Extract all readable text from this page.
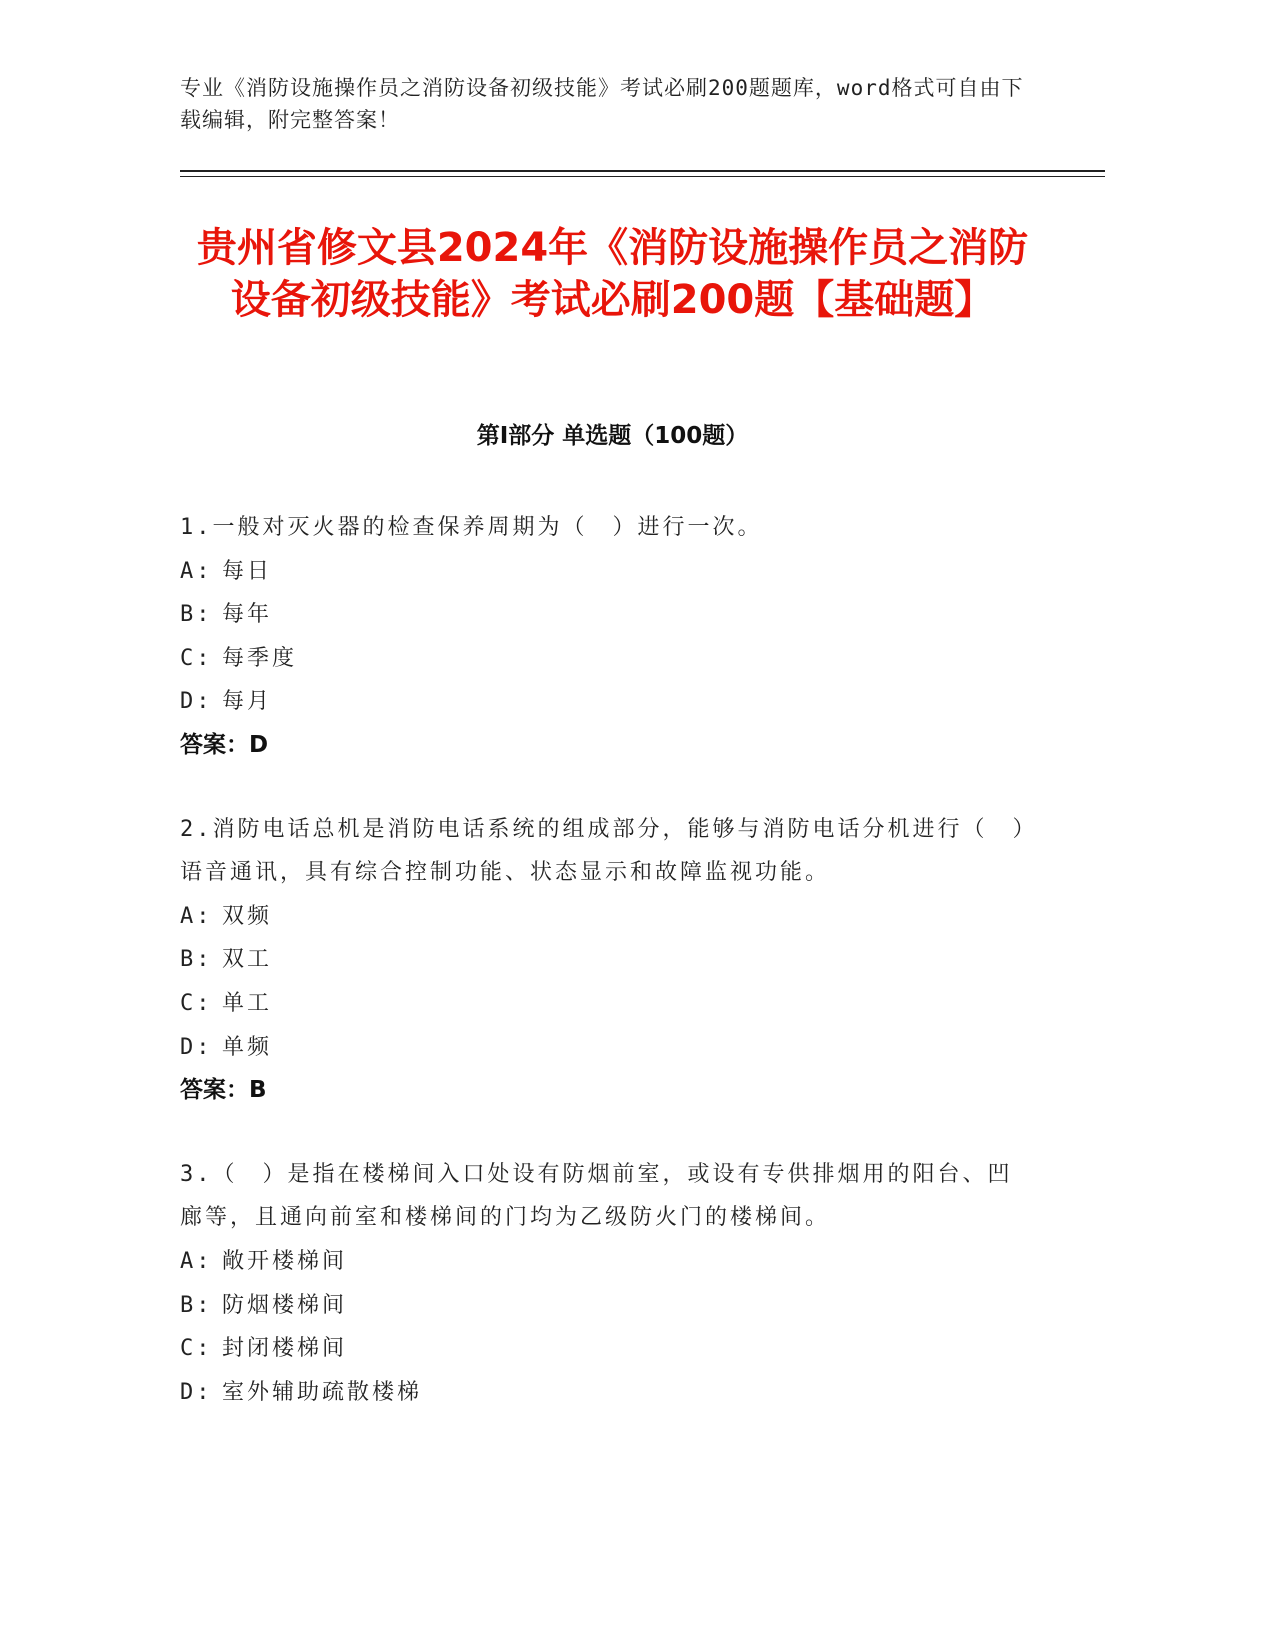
专业《消防设施操作员之消防设备初级技能》考试必刷200题题库，word格式可自由下载编辑，附完整答案！
贵州省修文县2024年《消防设施操作员之消防设备初级技能》考试必刷200题【基础题】
第I部分 单选题（100题）
1.一般对灭火器的检查保养周期为（　）进行一次。
A: 每日
B: 每年
C: 每季度
D: 每月
答案：D
2.消防电话总机是消防电话系统的组成部分，能够与消防电话分机进行（　）语音通讯，具有综合控制功能、状态显示和故障监视功能。
A: 双频
B: 双工
C: 单工
D: 单频
答案：B
3.（　）是指在楼梯间入口处设有防烟前室，或设有专供排烟用的阳台、凹廊等，且通向前室和楼梯间的门均为乙级防火门的楼梯间。
A: 敞开楼梯间
B: 防烟楼梯间
C: 封闭楼梯间
D: 室外辅助疏散楼梯
